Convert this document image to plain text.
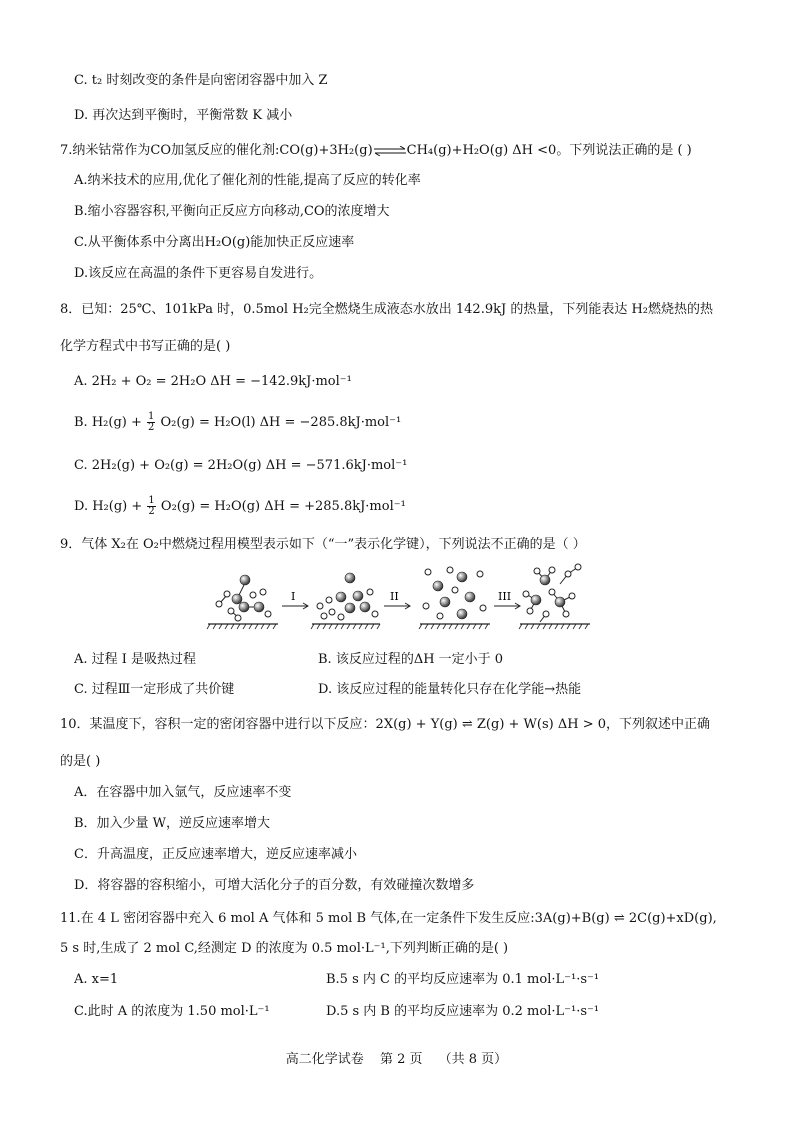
C. t₂ 时刻改变的条件是向密闭容器中加入 Z
D. 再次达到平衡时，平衡常数 K 减小
7.纳米钴常作为CO加氢反应的催化剂:CO(g)+3H₂(g)⇌CH₄(g)+H₂O(g) ΔH <0。下列说法正确的是 ( )
A.纳米技术的应用,优化了催化剂的性能,提高了反应的转化率
B.缩小容器容积,平衡向正反应方向移动,CO的浓度增大
C.从平衡体系中分离出H₂O(g)能加快正反应速率
D.该反应在高温的条件下更容易自发进行。
8．已知：25℃、101kPa 时，0.5mol H₂完全燃烧生成液态水放出 142.9kJ 的热量，下列能表达 H₂燃烧热的热
化学方程式中书写正确的是( )
A. 2H₂ + O₂ = 2H₂O ΔH = −142.9kJ·mol⁻¹
B. $H_2(g) + \frac{1}{2} O_2(g) = H_2O(l) \Delta H = -285.8kJ\cdot mol^{-1}$
C. 2H₂(g) + O₂(g) = 2H₂O(g) ΔH = −571.6kJ·mol⁻¹
D. $H_2(g) + \frac{1}{2} O_2(g) = H_2O(g) \Delta H = +285.8kJ\cdot mol^{-1}$
9．气体 X₂在 O₂中燃烧过程用模型表示如下（“一”表示化学键），下列说法不正确的是（ ）
I	II	III
A. 过程 I 是吸热过程	B. 该反应过程的ΔH 一定小于 0
C. 过程Ⅲ一定形成了共价键	D. 该反应过程的能量转化只存在化学能→热能
10．某温度下，容积一定的密闭容器中进行以下反应：2X(g) + Y(g) ⇌ Z(g) + W(s) ΔH > 0，下列叙述中正确
的是( )
A．在容器中加入氩气，反应速率不变
B．加入少量 W，逆反应速率增大
C．升高温度，正反应速率增大，逆反应速率减小
D．将容器的容积缩小，可增大活化分子的百分数，有效碰撞次数增多
11.在 4 L 密闭容器中充入 6 mol A 气体和 5 mol B 气体,在一定条件下发生反应:3A(g)+B(g) ⇌ 2C(g)+xD(g),
5 s 时,生成了 2 mol C,经测定 D 的浓度为 0.5 mol·L⁻¹,下列判断正确的是( )
A. x=1	B.5 s 内 C 的平均反应速率为 0.1 mol·L⁻¹·s⁻¹
C.此时 A 的浓度为 1.50 mol·L⁻¹	D.5 s 内 B 的平均反应速率为 0.2 mol·L⁻¹·s⁻¹
高二化学试卷 第 2 页 （共 8 页）
